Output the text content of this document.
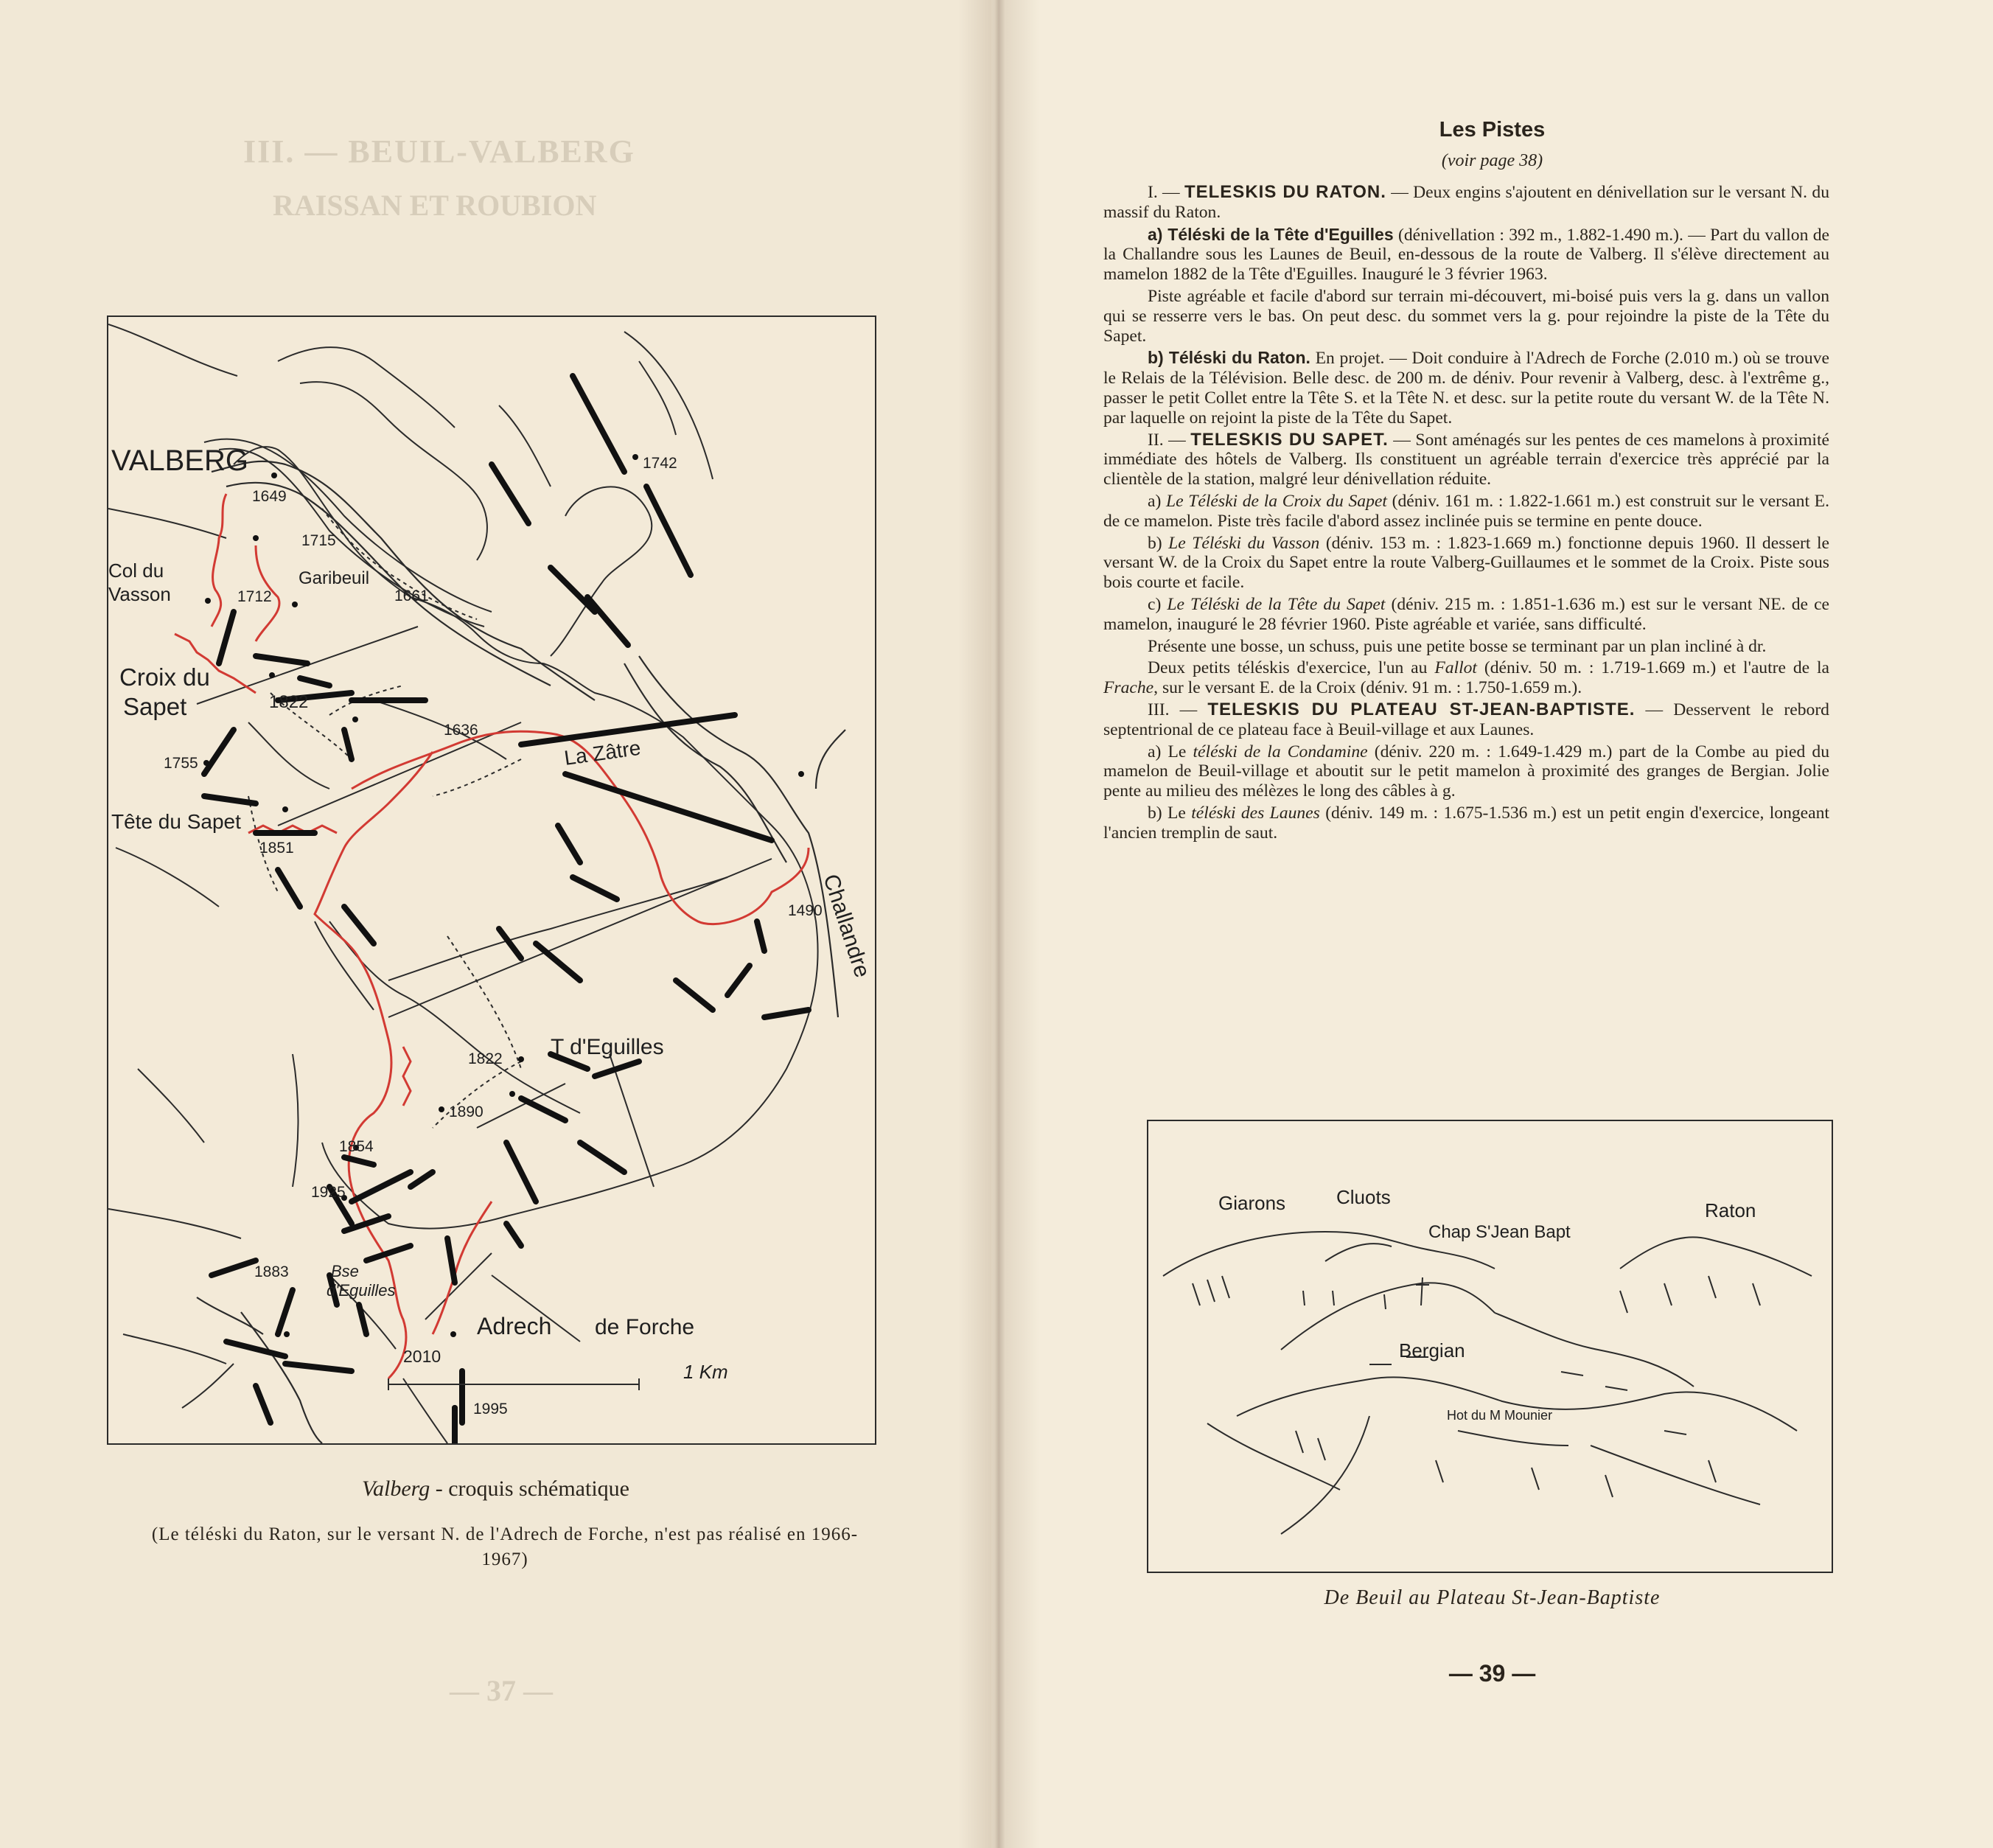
III. — BEUIL-VALBERG
RAISSAN ET ROUBION
— 37 —
VALBERG
Col du
Vasson
Garibeuil
Croix du
Sapet
Tête du Sapet
La Zâtre
Challandre
T d'Eguilles
Bse
d'Eguilles
Adrech de Forche
1 Km
1742
1649
1715
1712	1661
1822
1755
1851
1636
1490
1822
1890
1854
1925
1883
2010
1995
Valberg - croquis schématique
(Le téléski du Raton, sur le versant N. de l'Adrech de Forche, n'est pas réalisé en 1966-1967)
Les Pistes
(voir page 38)

I. — TELESKIS DU RATON. — Deux engins s'ajoutent en dénivellation sur le versant N. du massif du Raton.

a) Téléski de la Tête d'Eguilles (dénivellation : 392 m., 1.882-1.490 m.). — Part du vallon de la Challandre sous les Launes de Beuil, en-dessous de la route de Valberg. Il s'élève directement au mamelon 1882 de la Tête d'Eguilles. Inauguré le 3 février 1963.

Piste agréable et facile d'abord sur terrain mi-découvert, mi-boisé puis vers la g. dans un vallon qui se resserre vers le bas. On peut desc. du sommet vers la g. pour rejoindre la piste de la Tête du Sapet.

b) Téléski du Raton. En projet. — Doit conduire à l'Adrech de Forche (2.010 m.) où se trouve le Relais de la Télévision. Belle desc. de 200 m. de déniv. Pour revenir à Valberg, desc. à l'extrême g., passer le petit Collet entre la Tête S. et la Tête N. et desc. sur la petite route du versant W. de la Tête N. par laquelle on rejoint la piste de la Tête du Sapet.

II. — TELESKIS DU SAPET. — Sont aménagés sur les pentes de ces mamelons à proximité immédiate des hôtels de Valberg. Ils constituent un agréable terrain d'exercice très apprécié par la clientèle de la station, malgré leur dénivellation réduite.

a) Le Téléski de la Croix du Sapet (déniv. 161 m. : 1.822-1.661 m.) est construit sur le versant E. de ce mamelon. Piste très facile d'abord assez inclinée puis se termine en pente douce.

b) Le Téléski du Vasson (déniv. 153 m. : 1.823-1.669 m.) fonctionne depuis 1960. Il dessert le versant W. de la Croix du Sapet entre la route Valberg-Guillaumes et le sommet de la Croix. Piste sous bois courte et facile.

c) Le Téléski de la Tête du Sapet (déniv. 215 m. : 1.851-1.636 m.) est sur le versant NE. de ce mamelon, inauguré le 28 février 1960. Piste agréable et variée, sans difficulté.

Présente une bosse, un schuss, puis une petite bosse se terminant par un plan incliné à dr.

Deux petits téléskis d'exercice, l'un au Fallot (déniv. 50 m. : 1.719-1.669 m.) et l'autre de la Frache, sur le versant E. de la Croix (déniv. 91 m. : 1.750-1.659 m.).

III. — TELESKIS DU PLATEAU ST-JEAN-BAPTISTE. — Desservent le rebord septentrional de ce plateau face à Beuil-village et aux Launes.

a) Le téléski de la Condamine (déniv. 220 m. : 1.649-1.429 m.) part de la Combe au pied du mamelon de Beuil-village et aboutit sur le petit mamelon à proximité des granges de Bergian. Jolie pente au milieu des mélèzes le long des câbles à g.

b) Le téléski des Launes (déniv. 149 m. : 1.675-1.536 m.) est un petit engin d'exercice, longeant l'ancien tremplin de saut.

Giarons	Cluots
Chap S'Jean Bapt
Raton
Bergian
Hot du M Mounier
De Beuil au Plateau St-Jean-Baptiste
— 39 —
